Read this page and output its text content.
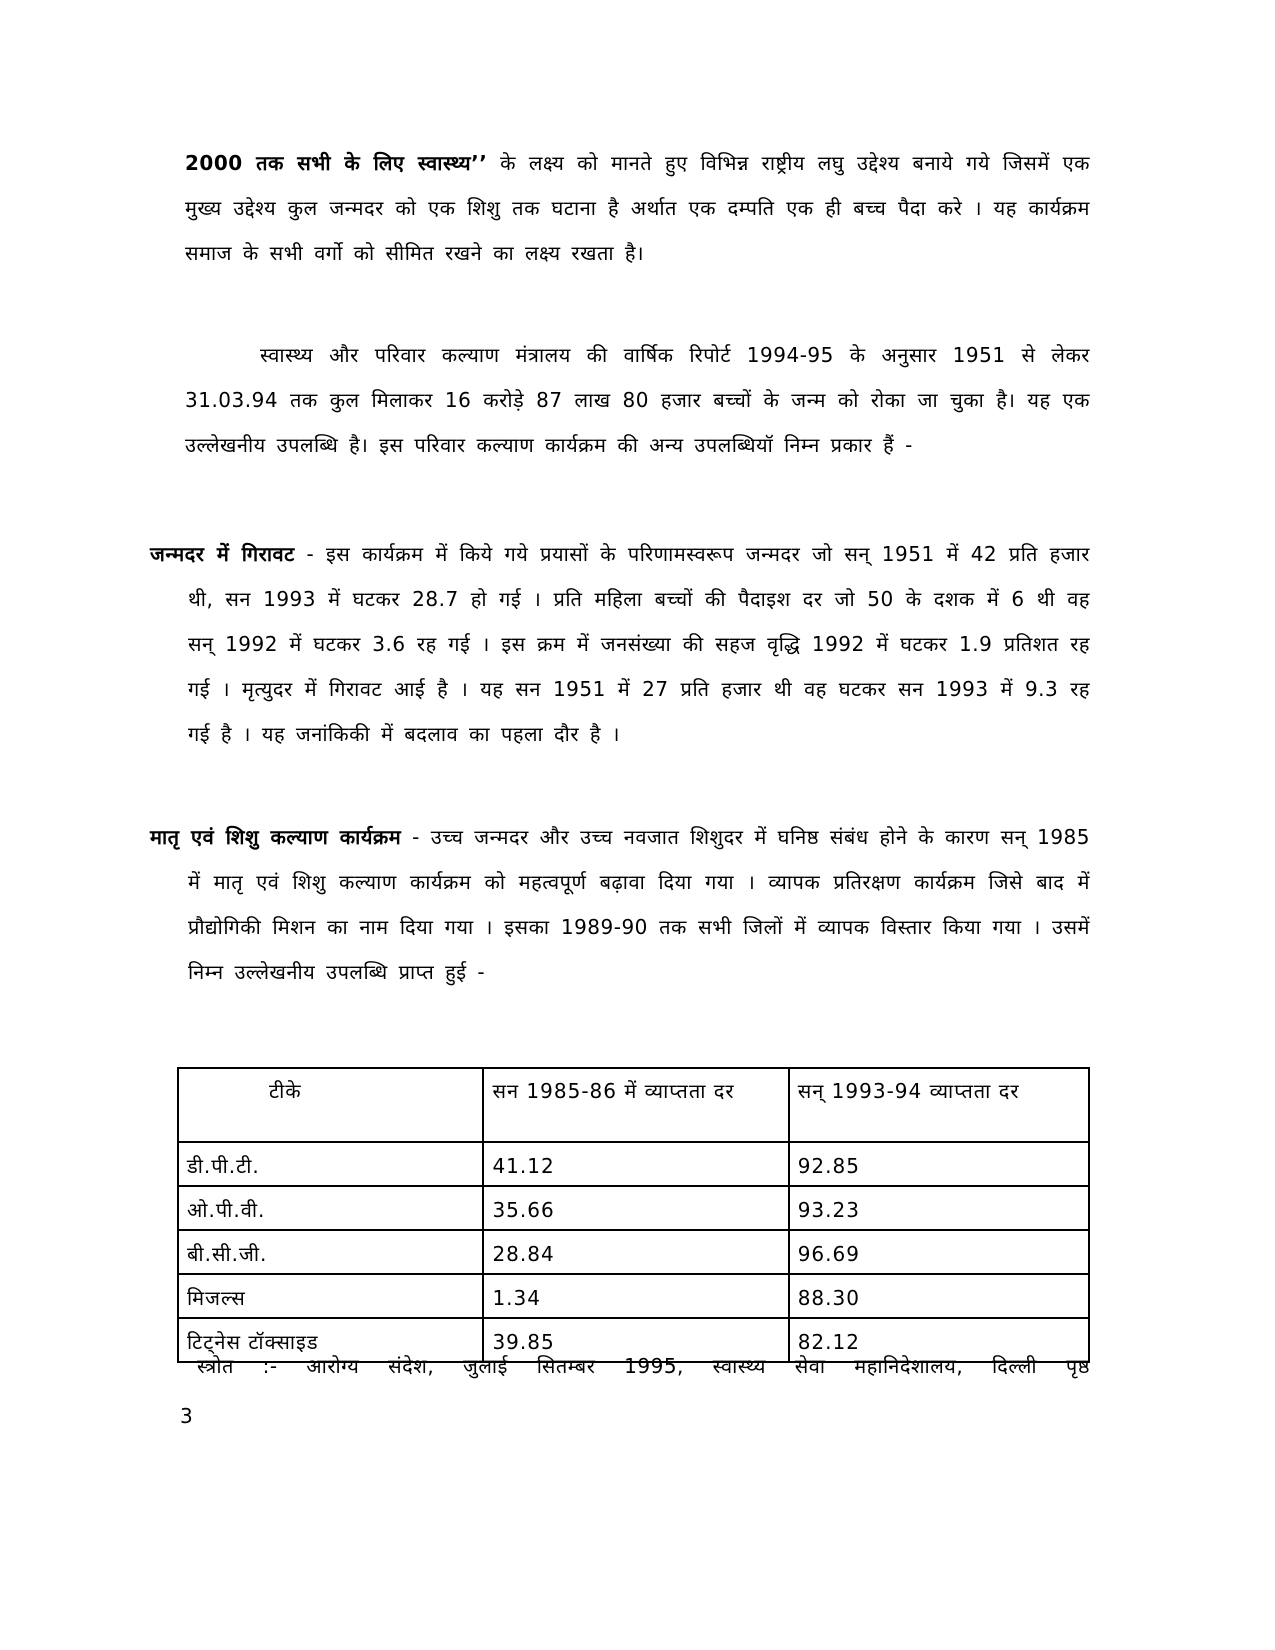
2000 तक सभी के लिए स्वास्थ्य’’ के लक्ष्य को मानते हुए विभिन्न राष्ट्रीय लघु उद्देश्य बनाये गये जिसमें एक मुख्य उद्देश्य कुल जन्मदर को एक शिशु तक घटाना है अर्थात एक दम्पति एक ही बच्च पैदा करे । यह कार्यक्रम समाज के सभी वर्गो को सीमित रखने का लक्ष्य रखता है।
स्वास्थ्य और परिवार कल्याण मंत्रालय की वार्षिक रिपोर्ट 1994-95 के अनुसार 1951 से लेकर 31.03.94 तक कुल मिलाकर 16 करोड़े 87 लाख 80 हजार बच्चों के जन्म को रोका जा चुका है। यह एक उल्लेखनीय उपलब्धि है। इस परिवार कल्याण कार्यक्रम की अन्य उपलब्धियॉ निम्न प्रकार हैं -
जन्मदर में गिरावट - इस कार्यक्रम में किये गये प्रयासों के परिणामस्वरूप जन्मदर जो सन् 1951 में 42 प्रति हजार थी, सन 1993 में घटकर 28.7 हो गई । प्रति महिला बच्चों की पैदाइश दर जो 50 के दशक में 6 थी वह सन् 1992 में घटकर 3.6 रह गई । इस क्रम में जनसंख्या की सहज वृद्धि 1992 में घटकर 1.9 प्रतिशत रह गई । मृत्युदर में गिरावट आई है । यह सन 1951 में 27 प्रति हजार थी वह घटकर सन 1993 में 9.3 रह गई है । यह जनांकिकी में बदलाव का पहला दौर है ।
मातृ एवं शिशु कल्याण कार्यक्रम - उच्च जन्मदर और उच्च नवजात शिशुदर में घनिष्ठ संबंध होने के कारण सन् 1985 में मातृ एवं शिशु कल्याण कार्यक्रम को महत्वपूर्ण बढ़ावा दिया गया । व्यापक प्रतिरक्षण कार्यक्रम जिसे बाद में प्रौद्योगिकी मिशन का नाम दिया गया । इसका 1989-90 तक सभी जिलों में व्यापक विस्तार किया गया । उसमें निम्न उल्लेखनीय उपलब्धि प्राप्त हुई -
टीके	सन 1985-86 में व्याप्तता दर	सन् 1993-94 व्याप्तता दर
डी.पी.टी.	41.12	92.85
ओ.पी.वी.	35.66	93.23
बी.सी.जी.	28.84	96.69
मिजल्स	1.34	88.30
टिट्नेस टॉक्साइड	39.85	82.12
स्त्रोत :- आरोग्य संदेश, जुलाई सितम्बर 1995, स्वास्थ्य सेवा महानिदेशालय, दिल्ली पृष्ठ
3
